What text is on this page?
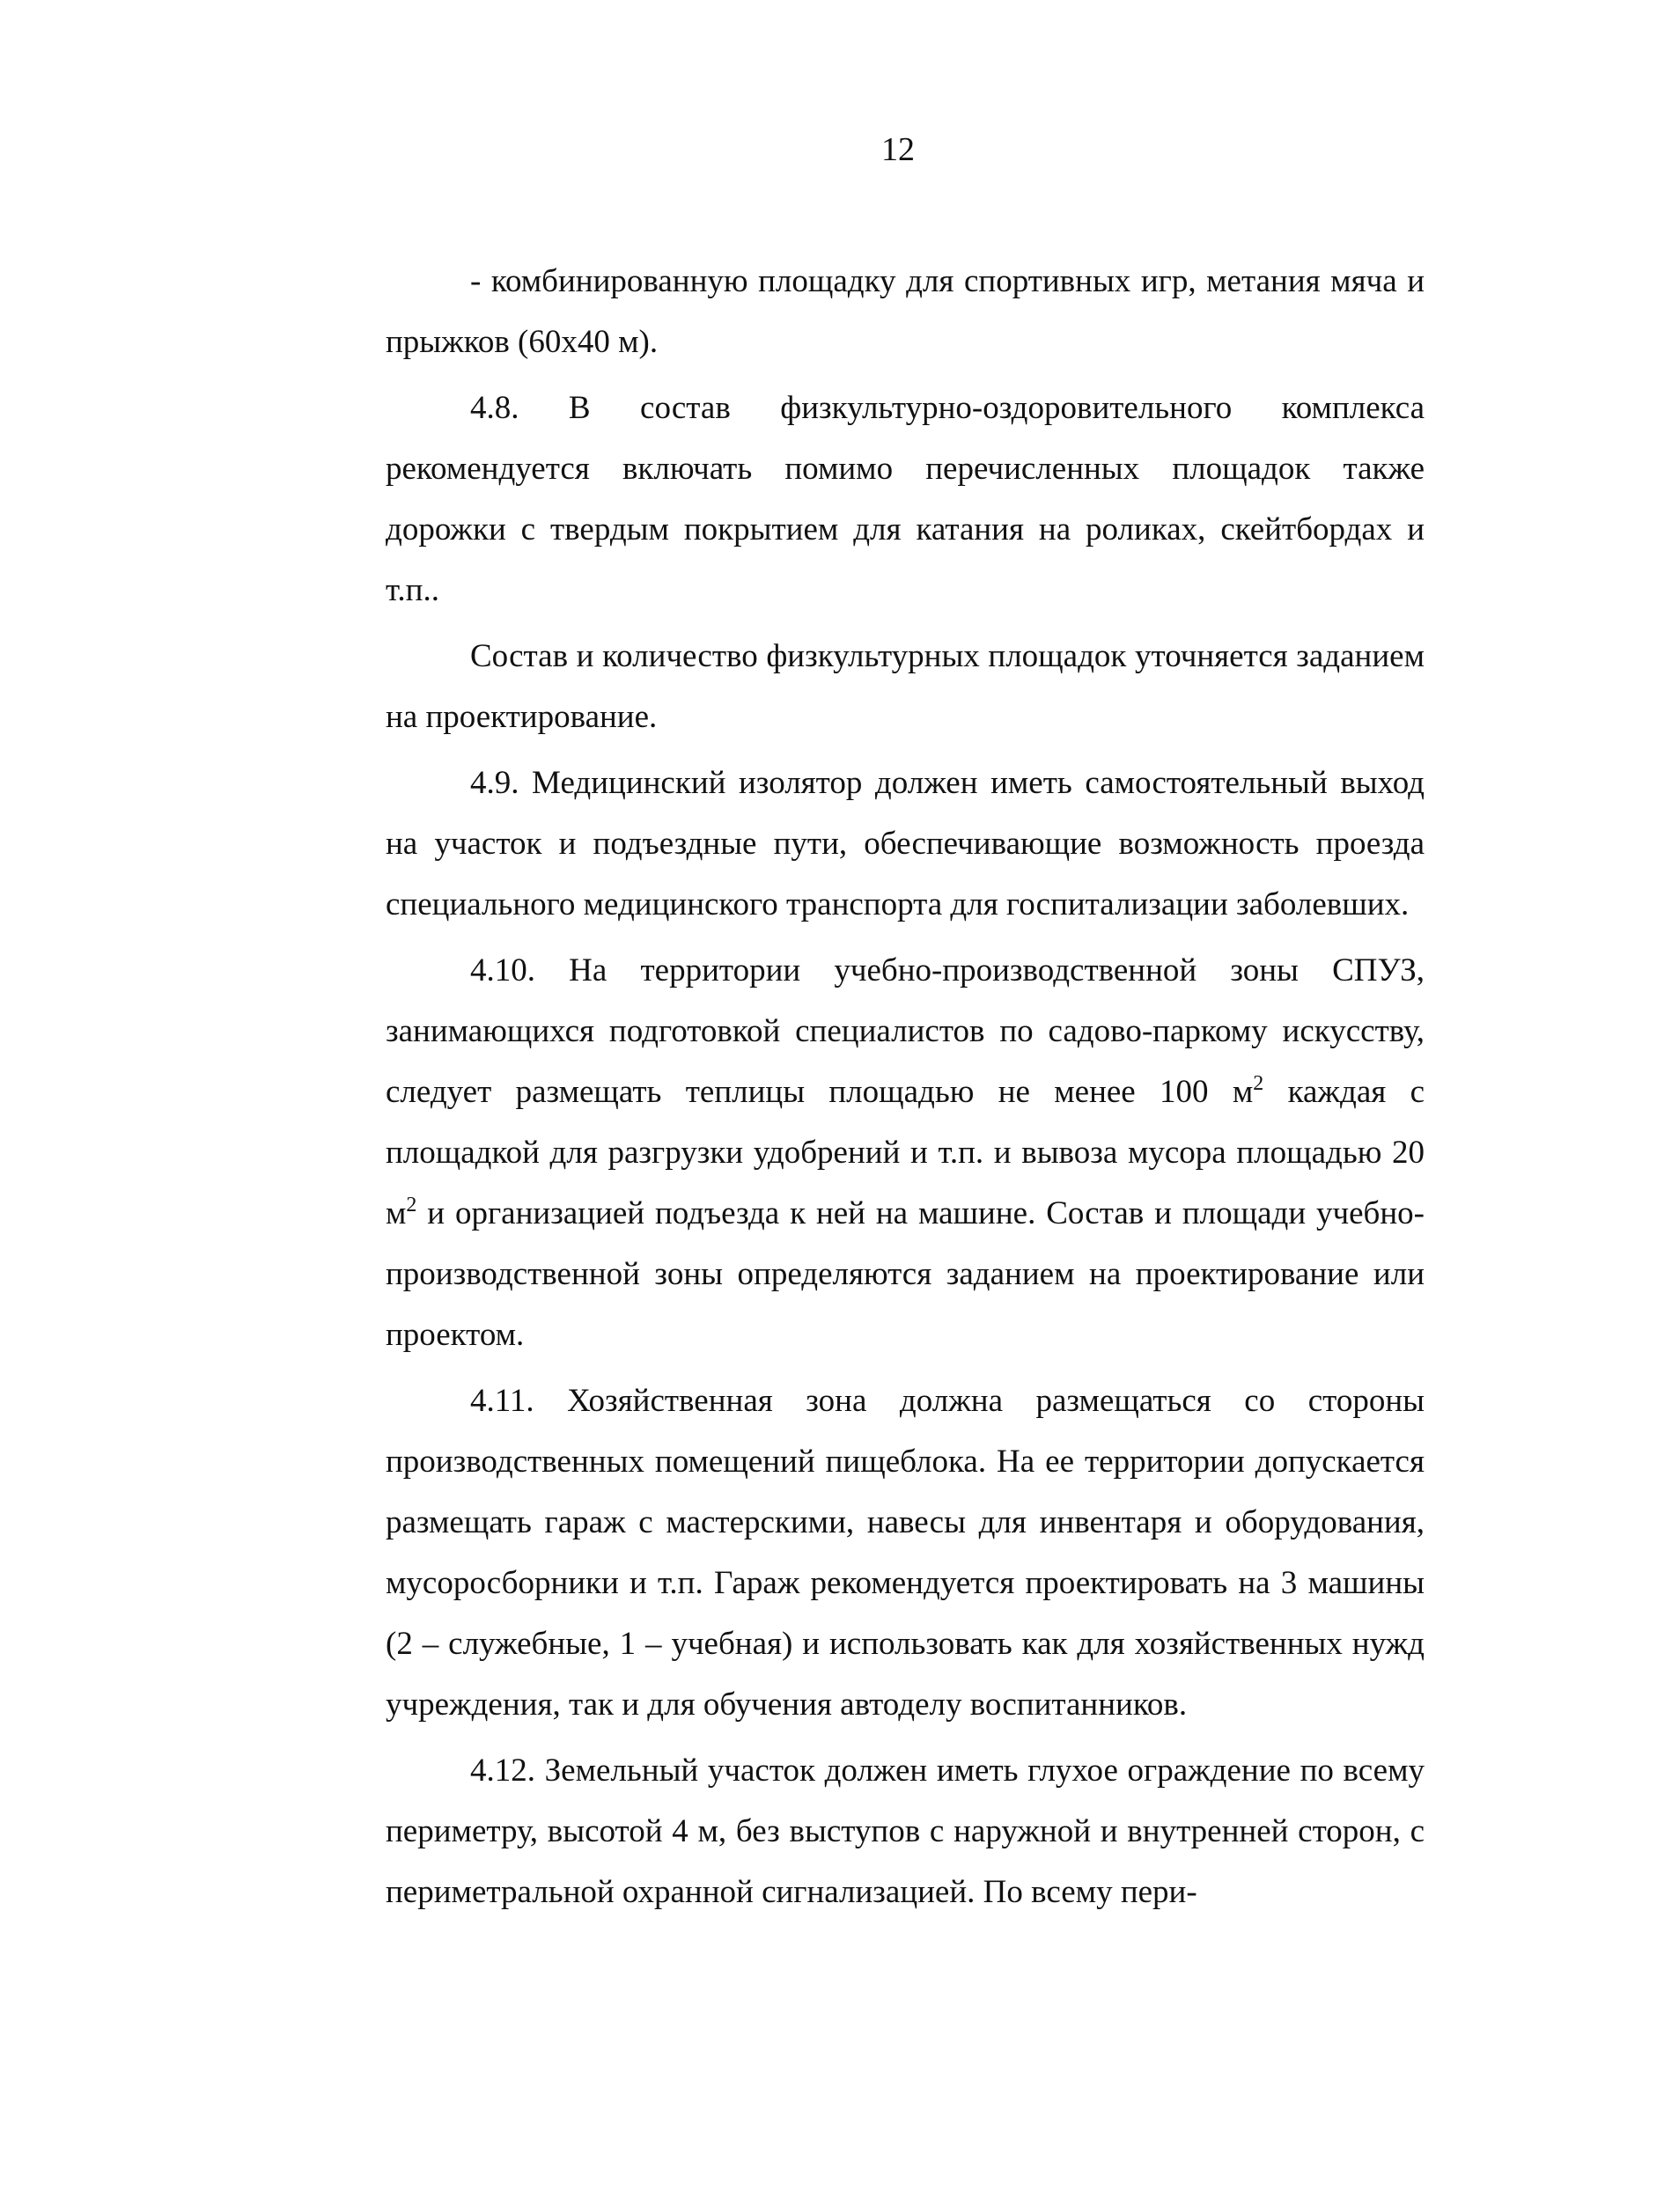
12

- комбинированную площадку для спортивных игр, метания мяча и прыжков (60х40 м).

4.8. В состав физкультурно-оздоровительного комплекса рекомендуется включать помимо перечисленных площадок также дорожки с твердым покрытием для катания на роликах, скейтбордах и т.п..

Состав и количество физкультурных площадок уточняется заданием на проектирование.

4.9. Медицинский изолятор должен иметь самостоятельный выход на участок и подъездные пути, обеспечивающие возможность проезда специального медицинского транспорта для госпитализации заболевших.

4.10. На территории учебно-производственной зоны СПУЗ, занимающихся подготовкой специалистов по садово-паркому искусству, следует размещать теплицы площадью не менее 100 $м^2$ каждая с площадкой для разгрузки удобрений и т.п. и вывоза мусора площадью 20 $м^2$ и организацией подъезда к ней на машине. Состав и площади учебно-производственной зоны определяются заданием на проектирование или проектом.

4.11. Хозяйственная зона должна размещаться со стороны производственных помещений пищеблока. На ее территории допускается размещать гараж с мастерскими, навесы для инвентаря и оборудования, мусоросборники и т.п. Гараж рекомендуется проектировать на 3 машины (2 – служебные, 1 – учебная) и использовать как для хозяйственных нужд учреждения, так и для обучения автоделу воспитанников.

4.12. Земельный участок должен иметь глухое ограждение по всему периметру, высотой 4 м, без выступов с наружной и внутренней сторон, с периметральной охранной сигнализацией. По всему пери-
